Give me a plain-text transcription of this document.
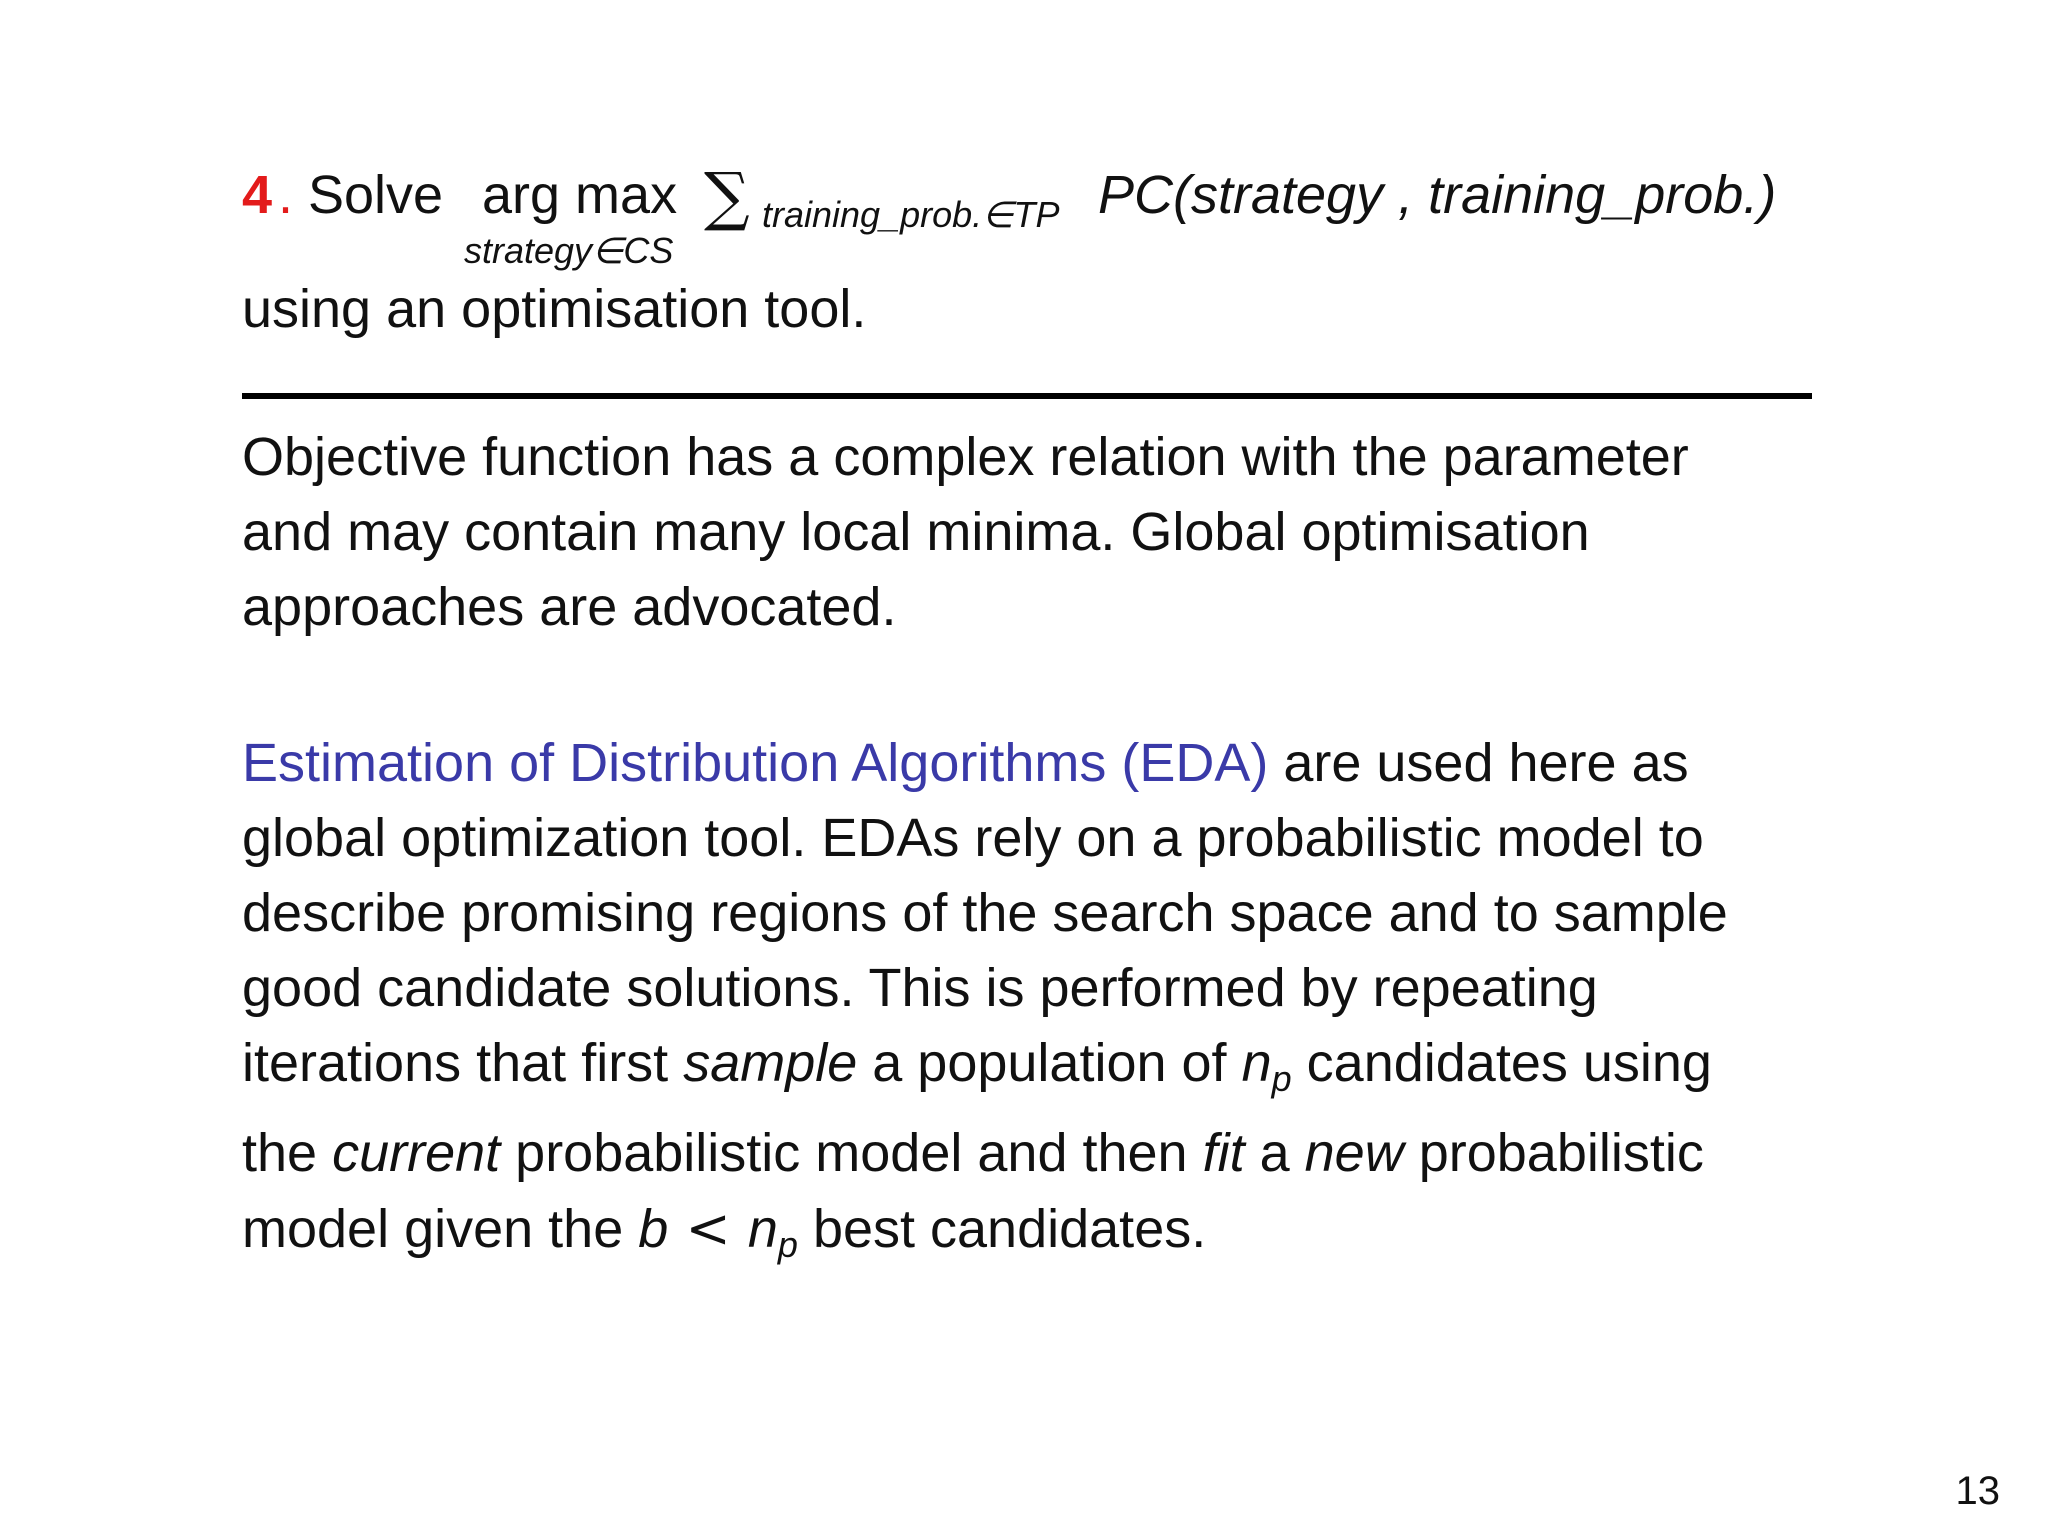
4 . Solve arg max
strategy∈CS
∑ training_prob.∈TP PC(strategy , training_prob.)
using an optimisation tool.
Objective function has a complex relation with the parameter
and may contain many local minima. Global optimisation
approaches are advocated.
Estimation of Distribution Algorithms (EDA) are used here as
global optimization tool. EDAs rely on a probabilistic model to
describe promising regions of the search space and to sample
good candidate solutions. This is performed by repeating
iterations that first sample a population of np candidates using
the current probabilistic model and then fit a new probabilistic
model given the b < np best candidates.
13
